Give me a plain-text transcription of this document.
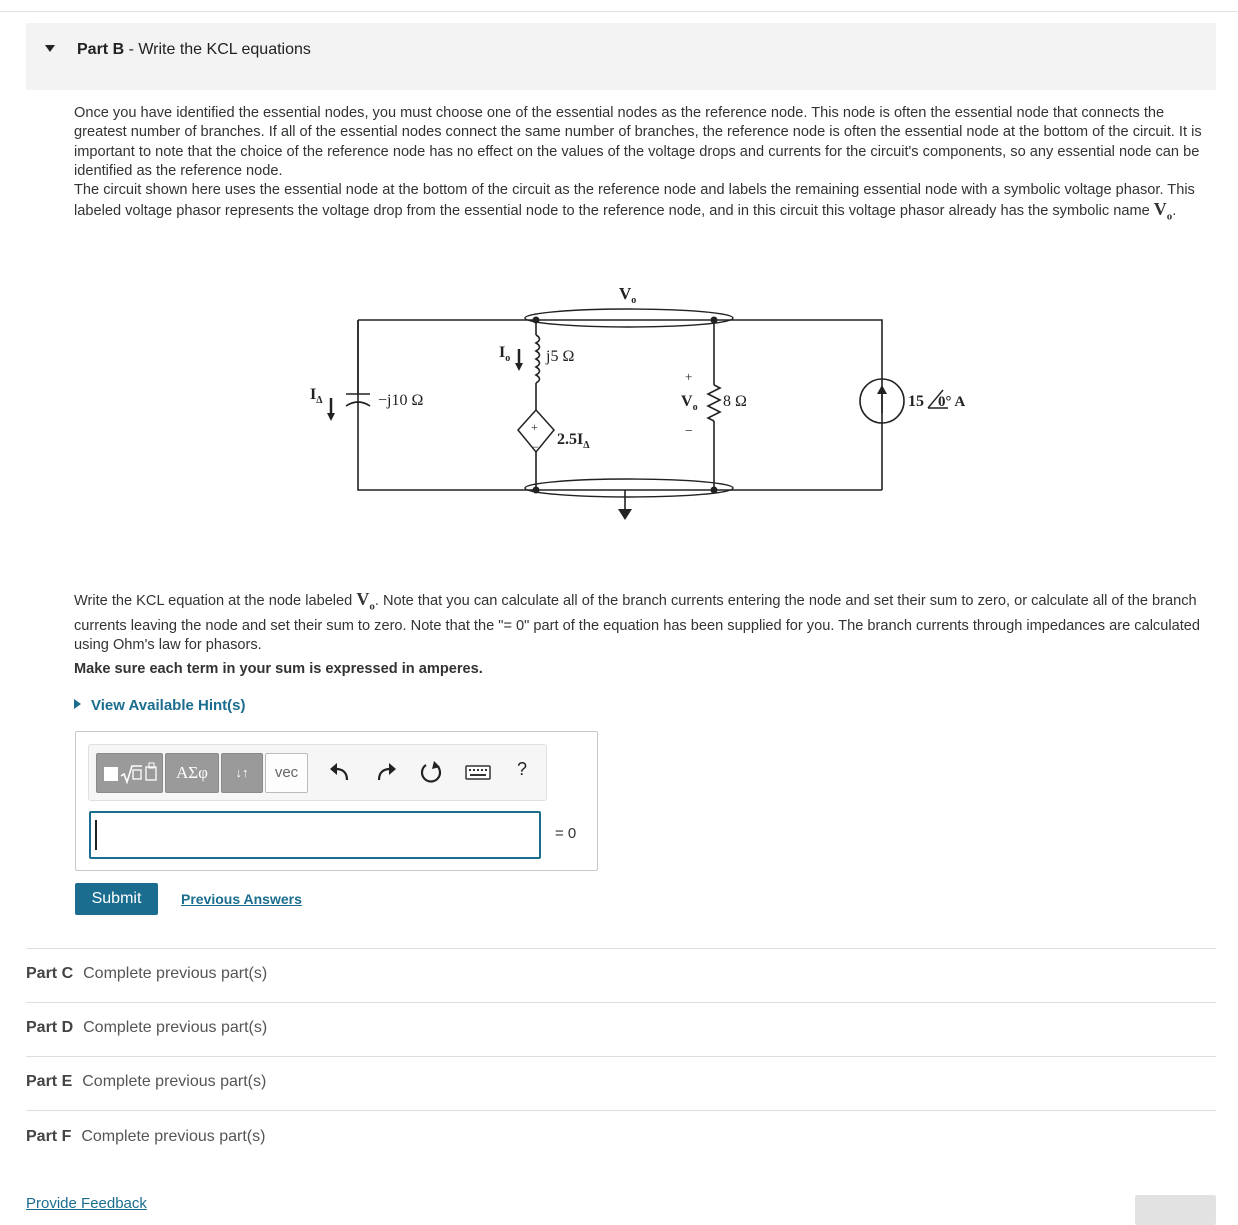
Part B - Write the KCL equations

Once you have identified the essential nodes, you must choose one of the essential nodes as the reference node. This node is often the essential node that connects the greatest number of branches. If all of the essential nodes connect the same number of branches, the reference node is often the essential node at the bottom of the circuit. It is important to note that the choice of the reference node has no effect on the values of the voltage drops and currents for the circuit's components, so any essential node can be identified as the reference node.

The circuit shown here uses the essential node at the bottom of the circuit as the reference node and labels the remaining essential node with a symbolic voltage phasor. This labeled voltage phasor represents the voltage drop from the essential node to the reference node, and in this circuit this voltage phasor already has the symbolic name $V_o$.

$V_o$
−j10 Ω
j5 Ω
$I_o$
$I_\Delta$
+
− $2.5I_\Delta$
+
$V_o$
−
8 Ω	15 0° A

Write the KCL equation at the node labeled $V_o$. Note that you can calculate all of the branch currents entering the node and set their sum to zero, or calculate all of the branch currents leaving the node and set their sum to zero. Note that the "= 0" part of the equation has been supplied for you. The branch currents through impedances are calculated using Ohm's law for phasors.

Make sure each term in your sum is expressed in amperes.
View Available Hint(s)
ΑΣφ	↓↑	vec	?
= 0
Submit	Previous Answers
Part C Complete previous part(s)
Part D Complete previous part(s)
Part E Complete previous part(s)
Part F Complete previous part(s)
Provide Feedback
